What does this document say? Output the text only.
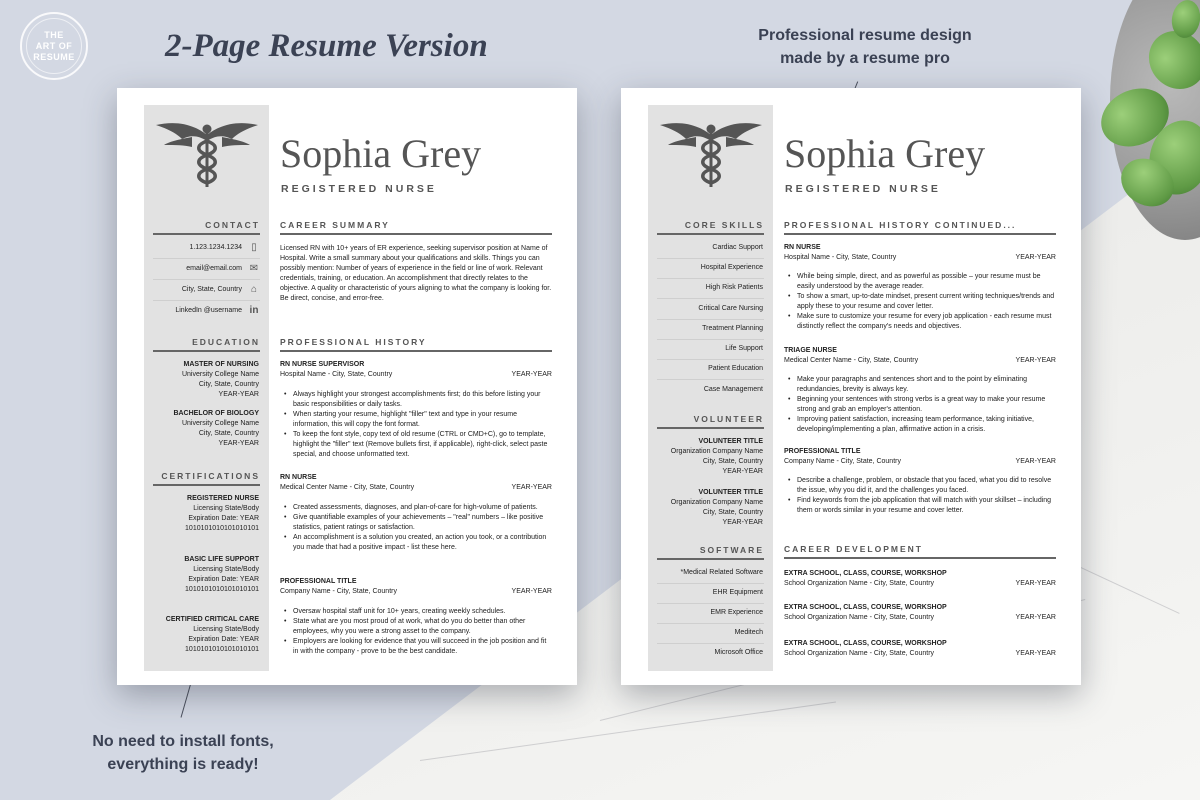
THE
ART OF
RESUME	2-Page Resume Version	Professional resume design
made by a resume pro
No need to install fonts,
everything is ready!
Sophia Grey
REGISTERED NURSE
CONTACT
1.123.1234.1234 ▯
email@email.com ✉
City, State, Country ⌂
LinkedIn @username in
EDUCATION
MASTER OF NURSING
University College Name
City, State, Country
YEAR-YEAR
BACHELOR OF BIOLOGY
University College Name
City, State, Country
YEAR-YEAR
CERTIFICATIONS
REGISTERED NURSE
Licensing State/Body
Expiration Date: YEAR
1010101010101010101
BASIC LIFE SUPPORT
Licensing State/Body
Expiration Date: YEAR
1010101010101010101
CERTIFIED CRITICAL CARE
Licensing State/Body
Expiration Date: YEAR
1010101010101010101
CAREER SUMMARY
Licensed RN with 10+ years of ER experience, seeking supervisor position at Name of Hospital. Write a small summary about your qualifications and skills. Things you can possibly mention: Number of years of experience in the field or line of work. Relevant credentials, training, or education. An accomplishment that directly relates to the objective. A quality or characteristic of yours aligning to what the company is looking for. Be direct, concise, and error-free.
PROFESSIONAL HISTORY
RN NURSE SUPERVISOR
Hospital Name - City, State, Country	YEAR-YEAR
• Always highlight your strongest accomplishments first; do this before listing your basic responsibilities or daily tasks.
• When starting your resume, highlight "filler" text and type in your resume information, this will copy the font format.
• To keep the font style, copy text of old resume (CTRL or CMD+C), go to template, highlight the "filler" text (Remove bullets first, if applicable), right-click, select paste special, and choose unformatted text.
RN NURSE
Medical Center Name - City, State, Country	YEAR-YEAR
• Created assessments, diagnoses, and plan-of-care for high-volume of patients.
• Give quantifiable examples of your achievements – "real" numbers – like positive statistics, patient ratings or satisfaction.
• An accomplishment is a solution you created, an action you took, or a contribution you made that had a positive impact - list these here.
PROFESSIONAL TITLE
Company Name - City, State, Country	YEAR-YEAR
• Oversaw hospital staff unit for 10+ years, creating weekly schedules.
• State what are you most proud of at work, what do you do better than other employees, why you were a strong asset to the company.
• Employers are looking for evidence that you will succeed in the job position and fit in with the company - prove to be the best candidate.
Sophia Grey
REGISTERED NURSE
CORE SKILLS
Cardiac Support
Hospital Experience
High Risk Patients
Critical Care Nursing
Treatment Planning
Life Support
Patient Education
Case Management
VOLUNTEER
VOLUNTEER TITLE
Organization Company Name
City, State, Country
YEAR-YEAR
VOLUNTEER TITLE
Organization Company Name
City, State, Country
YEAR-YEAR
SOFTWARE
*Medical Related Software
EHR Equipment
EMR Experience
Meditech
Microsoft Office
PROFESSIONAL HISTORY CONTINUED...
RN NURSE
Hospital Name - City, State, Country	YEAR-YEAR
• While being simple, direct, and as powerful as possible – your resume must be easily understood by the average reader.
• To show a smart, up-to-date mindset, present current writing techniques/trends and apply these to your resume and cover letter.
• Make sure to customize your resume for every job application - each resume must distinctly reflect the company's needs and objectives.
TRIAGE NURSE
Medical Center Name - City, State, Country	YEAR-YEAR
• Make your paragraphs and sentences short and to the point by eliminating redundancies, brevity is always key.
• Beginning your sentences with strong verbs is a great way to make your resume strong and grab an employer's attention.
• Improving patient satisfaction, increasing team performance, taking initiative, developing/implementing a plan, affirmative action in a crisis.
PROFESSIONAL TITLE
Company Name - City, State, Country	YEAR-YEAR
• Describe a challenge, problem, or obstacle that you faced, what you did to resolve the issue, why you did it, and the challenges you faced.
• Find keywords from the job application that will match with your skillset – including them or words similar in your resume and cover letter.
CAREER DEVELOPMENT
EXTRA SCHOOL, CLASS, COURSE, WORKSHOP
School Organization Name - City, State, Country	YEAR-YEAR
EXTRA SCHOOL, CLASS, COURSE, WORKSHOP
School Organization Name - City, State, Country	YEAR-YEAR
EXTRA SCHOOL, CLASS, COURSE, WORKSHOP
School Organization Name - City, State, Country	YEAR-YEAR
